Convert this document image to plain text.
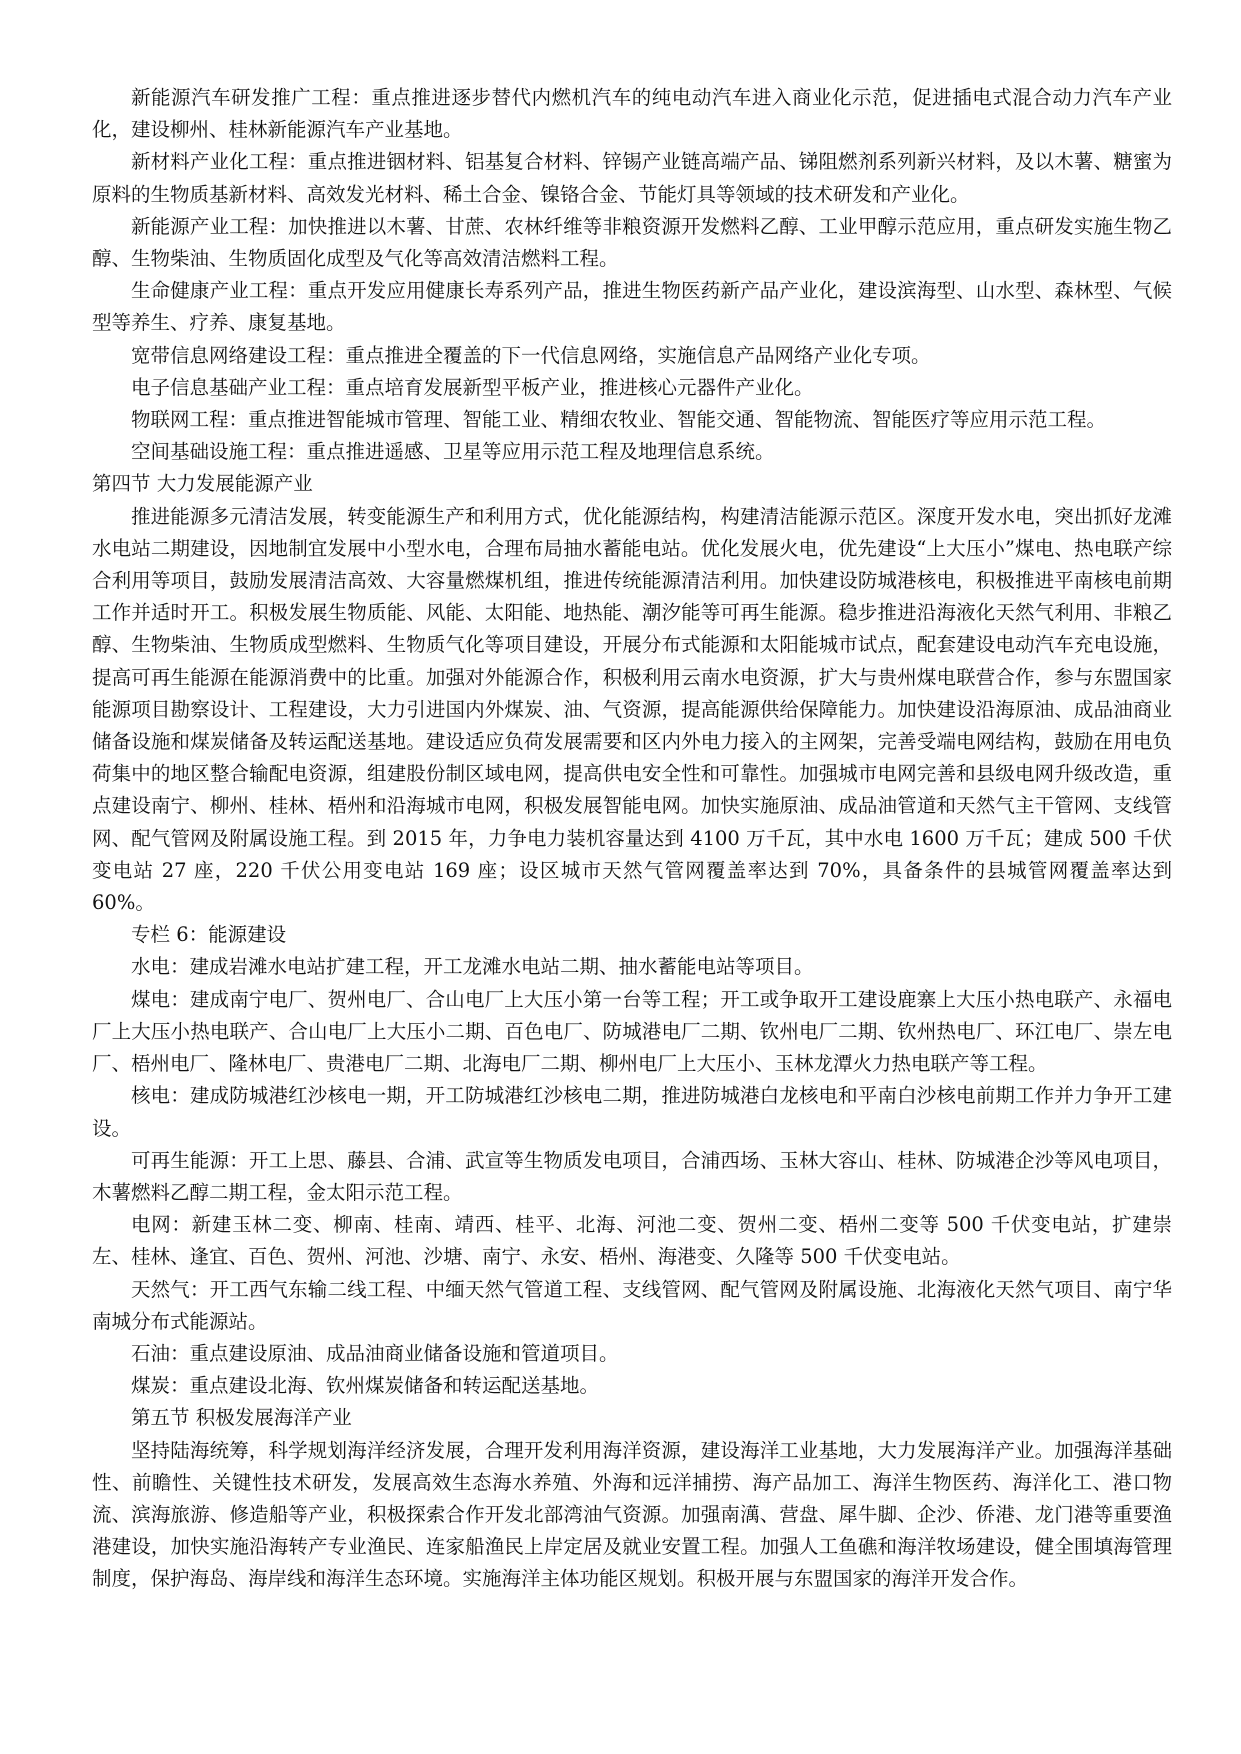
新能源汽车研发推广工程：重点推进逐步替代内燃机汽车的纯电动汽车进入商业化示范，促进插电式混合动力汽车产业化，建设柳州、桂林新能源汽车产业基地。

新材料产业化工程：重点推进铟材料、铝基复合材料、锌锡产业链高端产品、锑阻燃剂系列新兴材料，及以木薯、糖蜜为原料的生物质基新材料、高效发光材料、稀土合金、镍铬合金、节能灯具等领域的技术研发和产业化。

新能源产业工程：加快推进以木薯、甘蔗、农林纤维等非粮资源开发燃料乙醇、工业甲醇示范应用，重点研发实施生物乙醇、生物柴油、生物质固化成型及气化等高效清洁燃料工程。

生命健康产业工程：重点开发应用健康长寿系列产品，推进生物医药新产品产业化，建设滨海型、山水型、森林型、气候型等养生、疗养、康复基地。

宽带信息网络建设工程：重点推进全覆盖的下一代信息网络，实施信息产品网络产业化专项。

电子信息基础产业工程：重点培育发展新型平板产业，推进核心元器件产业化。

物联网工程：重点推进智能城市管理、智能工业、精细农牧业、智能交通、智能物流、智能医疗等应用示范工程。

空间基础设施工程：重点推进遥感、卫星等应用示范工程及地理信息系统。

第四节 大力发展能源产业

推进能源多元清洁发展，转变能源生产和利用方式，优化能源结构，构建清洁能源示范区。深度开发水电，突出抓好龙滩水电站二期建设，因地制宜发展中小型水电，合理布局抽水蓄能电站。优化发展火电，优先建设“上大压小”煤电、热电联产综合利用等项目，鼓励发展清洁高效、大容量燃煤机组，推进传统能源清洁利用。加快建设防城港核电，积极推进平南核电前期工作并适时开工。积极发展生物质能、风能、太阳能、地热能、潮汐能等可再生能源。稳步推进沿海液化天然气利用、非粮乙醇、生物柴油、生物质成型燃料、生物质气化等项目建设，开展分布式能源和太阳能城市试点，配套建设电动汽车充电设施，提高可再生能源在能源消费中的比重。加强对外能源合作，积极利用云南水电资源，扩大与贵州煤电联营合作，参与东盟国家能源项目勘察设计、工程建设，大力引进国内外煤炭、油、气资源，提高能源供给保障能力。加快建设沿海原油、成品油商业储备设施和煤炭储备及转运配送基地。建设适应负荷发展需要和区内外电力接入的主网架，完善受端电网结构，鼓励在用电负荷集中的地区整合输配电资源，组建股份制区域电网，提高供电安全性和可靠性。加强城市电网完善和县级电网升级改造，重点建设南宁、柳州、桂林、梧州和沿海城市电网，积极发展智能电网。加快实施原油、成品油管道和天然气主干管网、支线管网、配气管网及附属设施工程。到 2015 年，力争电力装机容量达到 4100 万千瓦，其中水电 1600 万千瓦；建成 500 千伏变电站 27 座，220 千伏公用变电站 169 座；设区城市天然气管网覆盖率达到 70%，具备条件的县城管网覆盖率达到 60%。

专栏 6：能源建设

水电：建成岩滩水电站扩建工程，开工龙滩水电站二期、抽水蓄能电站等项目。

煤电：建成南宁电厂、贺州电厂、合山电厂上大压小第一台等工程；开工或争取开工建设鹿寨上大压小热电联产、永福电厂上大压小热电联产、合山电厂上大压小二期、百色电厂、防城港电厂二期、钦州电厂二期、钦州热电厂、环江电厂、崇左电厂、梧州电厂、隆林电厂、贵港电厂二期、北海电厂二期、柳州电厂上大压小、玉林龙潭火力热电联产等工程。

核电：建成防城港红沙核电一期，开工防城港红沙核电二期，推进防城港白龙核电和平南白沙核电前期工作并力争开工建设。

可再生能源：开工上思、藤县、合浦、武宣等生物质发电项目，合浦西场、玉林大容山、桂林、防城港企沙等风电项目，木薯燃料乙醇二期工程，金太阳示范工程。

电网：新建玉林二变、柳南、桂南、靖西、桂平、北海、河池二变、贺州二变、梧州二变等 500 千伏变电站，扩建崇左、桂林、逢宜、百色、贺州、河池、沙塘、南宁、永安、梧州、海港变、久隆等 500 千伏变电站。

天然气：开工西气东输二线工程、中缅天然气管道工程、支线管网、配气管网及附属设施、北海液化天然气项目、南宁华南城分布式能源站。

石油：重点建设原油、成品油商业储备设施和管道项目。

煤炭：重点建设北海、钦州煤炭储备和转运配送基地。

第五节 积极发展海洋产业

坚持陆海统筹，科学规划海洋经济发展，合理开发利用海洋资源，建设海洋工业基地，大力发展海洋产业。加强海洋基础性、前瞻性、关键性技术研发，发展高效生态海水养殖、外海和远洋捕捞、海产品加工、海洋生物医药、海洋化工、港口物流、滨海旅游、修造船等产业，积极探索合作开发北部湾油气资源。加强南澫、营盘、犀牛脚、企沙、侨港、龙门港等重要渔港建设，加快实施沿海转产专业渔民、连家船渔民上岸定居及就业安置工程。加强人工鱼礁和海洋牧场建设，健全围填海管理制度，保护海岛、海岸线和海洋生态环境。实施海洋主体功能区规划。积极开展与东盟国家的海洋开发合作。
